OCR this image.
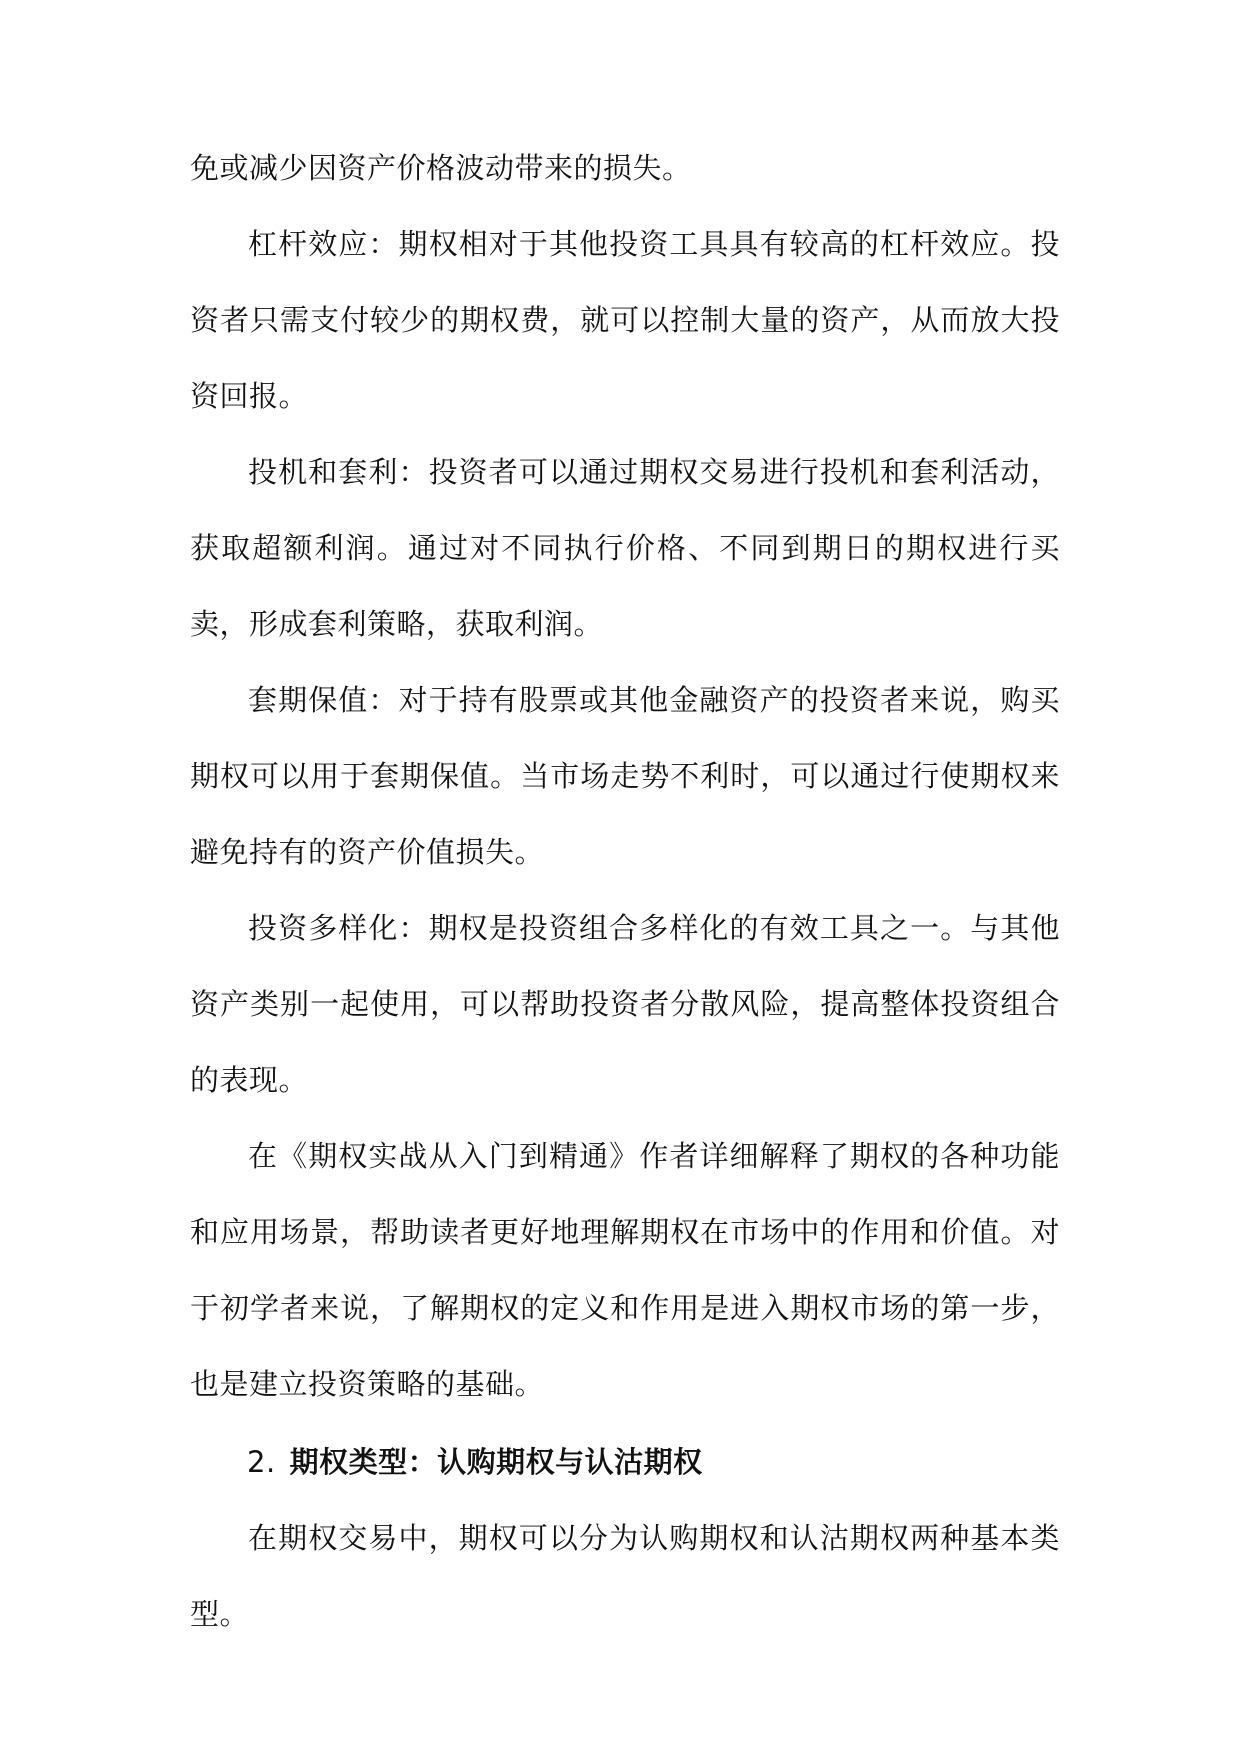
免或减少因资产价格波动带来的损失。

杠杆效应：期权相对于其他投资工具具有较高的杠杆效应。投资者只需支付较少的期权费，就可以控制大量的资产，从而放大投资回报。

投机和套利：投资者可以通过期权交易进行投机和套利活动，获取超额利润。通过对不同执行价格、不同到期日的期权进行买卖，形成套利策略，获取利润。

套期保值：对于持有股票或其他金融资产的投资者来说，购买期权可以用于套期保值。当市场走势不利时，可以通过行使期权来避免持有的资产价值损失。

投资多样化：期权是投资组合多样化的有效工具之一。与其他资产类别一起使用，可以帮助投资者分散风险，提高整体投资组合的表现。

在《期权实战从入门到精通》作者详细解释了期权的各种功能和应用场景，帮助读者更好地理解期权在市场中的作用和价值。对于初学者来说，了解期权的定义和作用是进入期权市场的第一步，也是建立投资策略的基础。

2. 期权类型：认购期权与认沽期权

在期权交易中，期权可以分为认购期权和认沽期权两种基本类型。
